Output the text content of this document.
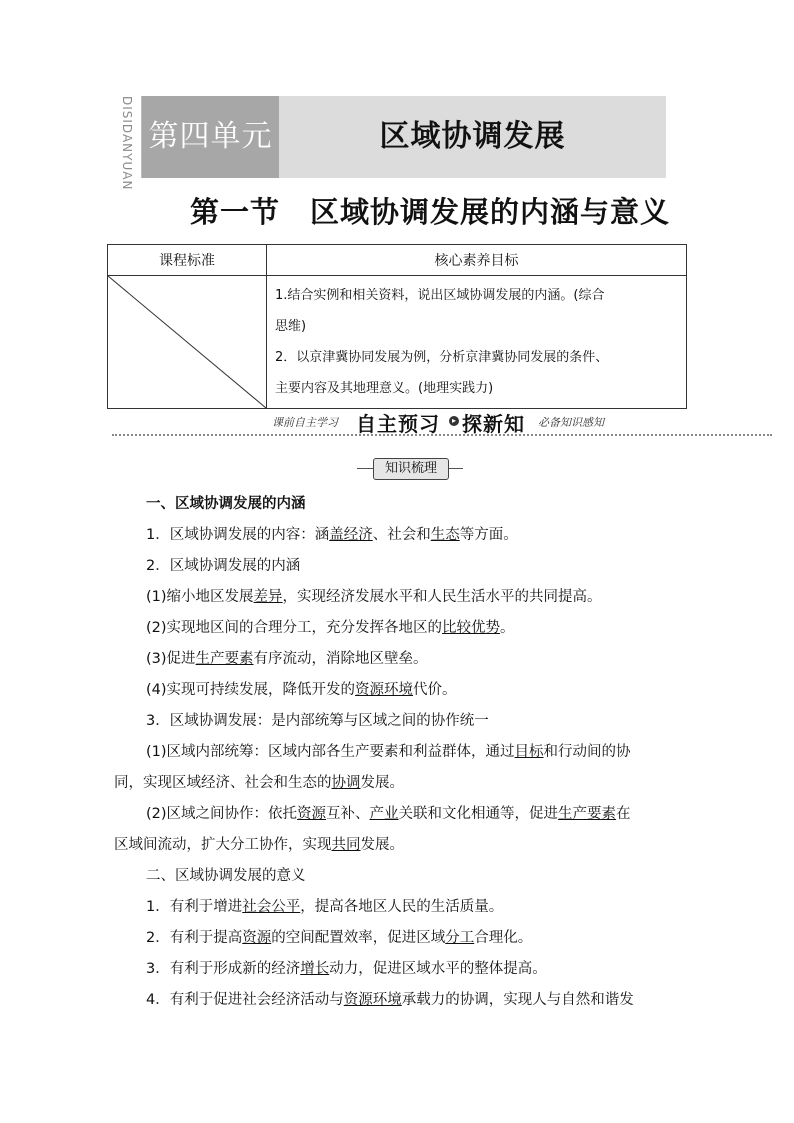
DISIDANYUAN 第四单元	区域协调发展
第一节 区域协调发展的内涵与意义
课程标准	核心素养目标

1.结合实例和相关资料，说出区域协调发展的内涵。(综合
思维)
2．以京津冀协同发展为例，分析京津冀协同发展的条件、
主要内容及其地理意义。(地理实践力)
课前自主学习 自主预习	▸ 探新知 必备知识感知
知识梳理
一、区域协调发展的内涵
1．区域协调发展的内容：涵盖经济、社会和生态等方面。
2．区域协调发展的内涵
(1)缩小地区发展差异，实现经济发展水平和人民生活水平的共同提高。
(2)实现地区间的合理分工，充分发挥各地区的比较优势。
(3)促进生产要素有序流动，消除地区壁垒。
(4)实现可持续发展，降低开发的资源环境代价。
3．区域协调发展：是内部统筹与区域之间的协作统一
(1)区域内部统筹：区域内部各生产要素和利益群体，通过目标和行动间的协
同，实现区域经济、社会和生态的协调发展。
(2)区域之间协作：依托资源互补、产业关联和文化相通等，促进生产要素在
区域间流动，扩大分工协作，实现共同发展。
二、区域协调发展的意义
1．有利于增进社会公平，提高各地区人民的生活质量。
2．有利于提高资源的空间配置效率，促进区域分工合理化。
3．有利于形成新的经济增长动力，促进区域水平的整体提高。
4．有利于促进社会经济活动与资源环境承载力的协调，实现人与自然和谐发
